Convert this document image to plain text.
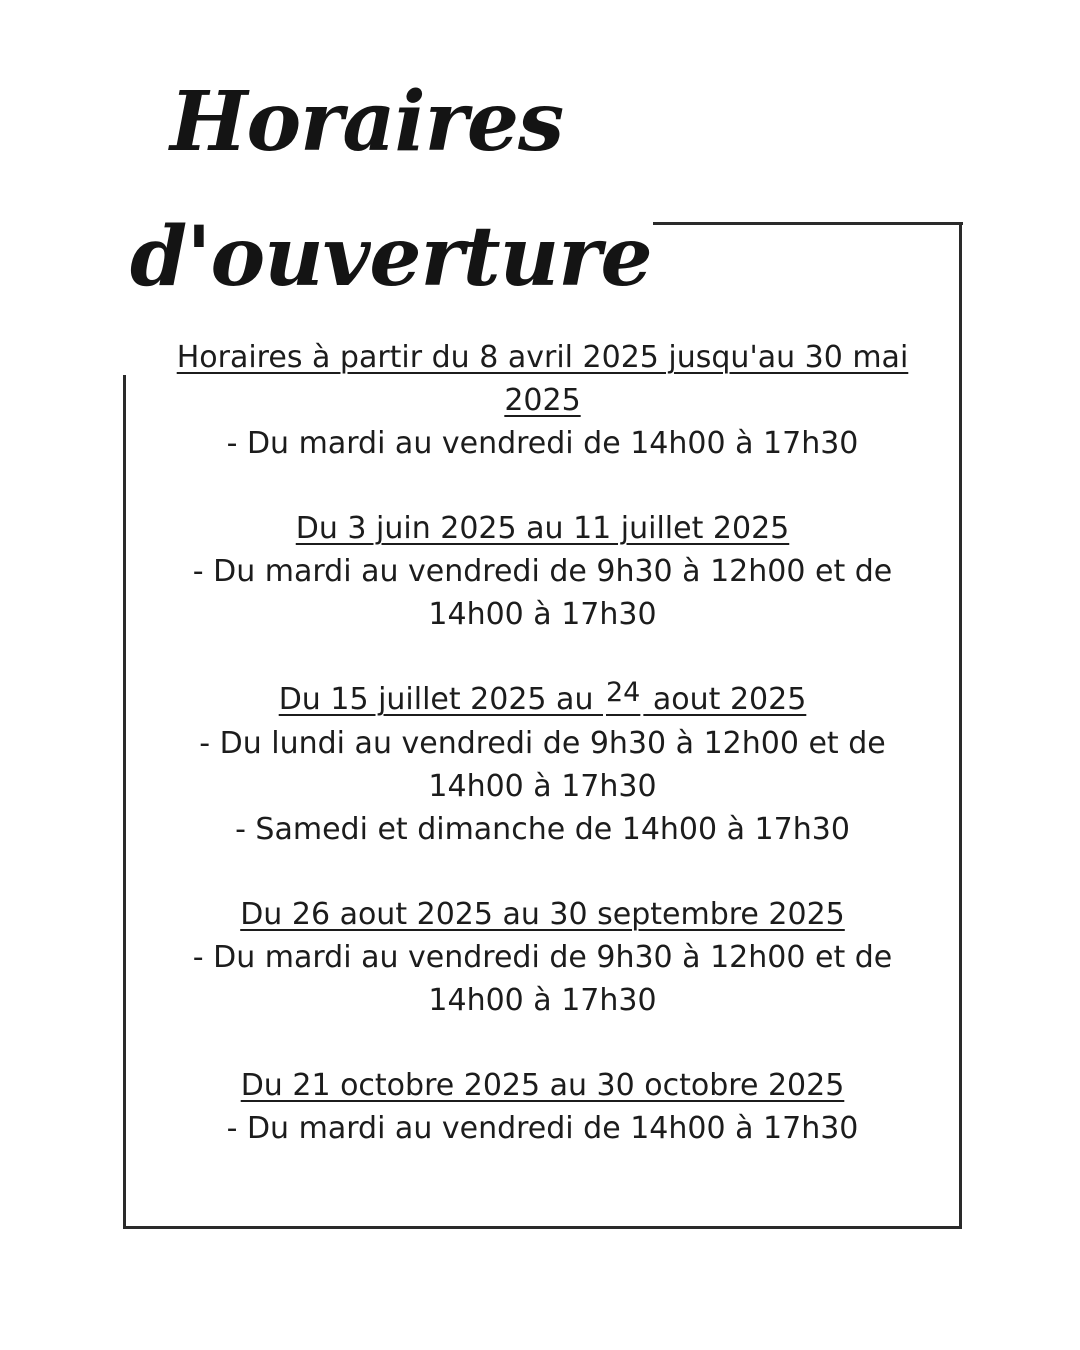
Horaires
d'ouverture
Horaires à partir du 8 avril 2025 jusqu'au 30 mai 2025
- Du mardi au vendredi de 14h00 à 17h30
Du 3 juin 2025 au 11 juillet 2025
- Du mardi au vendredi de 9h30 à 12h00 et de 14h00 à 17h30
Du 15 juillet 2025 au 24 aout 2025
- Du lundi au vendredi de 9h30 à 12h00 et de 14h00 à 17h30
- Samedi et dimanche de 14h00 à 17h30
Du 26 aout 2025 au 30 septembre 2025
- Du mardi au vendredi de 9h30 à 12h00 et de 14h00 à 17h30
Du 21 octobre 2025 au 30 octobre 2025
- Du mardi au vendredi de 14h00 à 17h30
